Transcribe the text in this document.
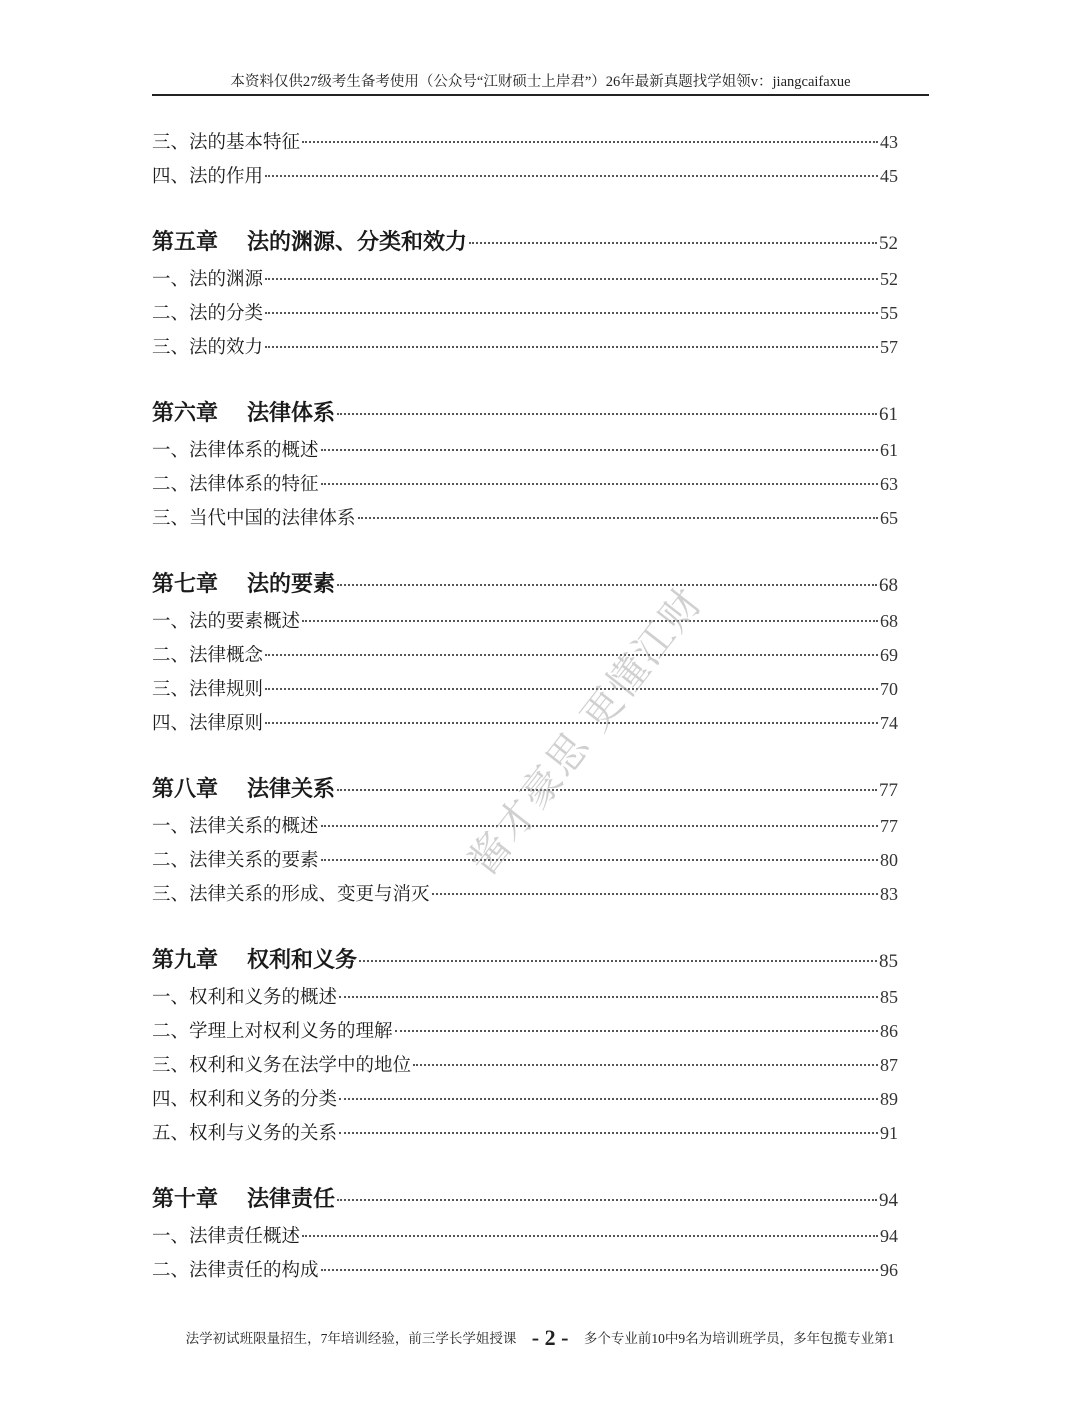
本资料仅供27级考生备考使用（公众号“江财硕士上岸君”）26年最新真题找学姐领v：jiangcaifaxue
三、法的基本特征	43
四、法的作用	45
第五章 法的渊源、分类和效力	52
一、法的渊源	52
二、法的分类	55
三、法的效力	57
第六章 法律体系	61
一、法律体系的概述	61
二、法律体系的特征	63
三、当代中国的法律体系	65
第七章 法的要素	68
一、法的要素概述	68
二、法律概念	69
三、法律规则	70
四、法律原则	74
第八章 法律关系	77
一、法律关系的概述	77
二、法律关系的要素	80
三、法律关系的形成、变更与消灭	83
第九章 权利和义务	85
一、权利和义务的概述	85
二、学理上对权利义务的理解	86
三、权利和义务在法学中的地位	87
四、权利和义务的分类	89
五、权利与义务的关系	91
第十章 法律责任	94
一、法律责任概述	94
二、法律责任的构成	96
酱才豪思 更懂江财
法学初试班限量招生，7年培训经验，前三学长学姐授课 - 2 - 多个专业前10中9名为培训班学员，多年包揽专业第1
